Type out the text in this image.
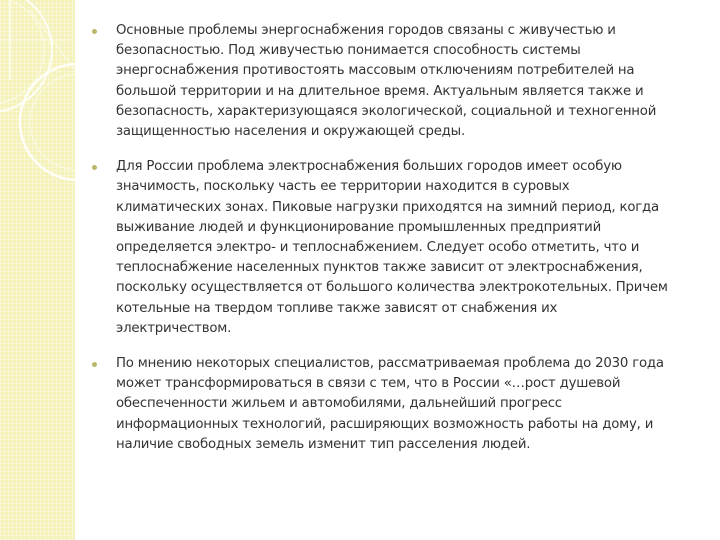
Основные проблемы энергоснабжения городов связаны с живучестью и безопасностью. Под живучестью понимается способность системы энергоснабжения противостоять массовым отключениям потребителей на большой территории и на длительное время. Актуальным является также и безопасность, характеризующаяся экологической, социальной и техногенной защищенностью населения и окружающей среды.

Для России проблема электроснабжения больших городов имеет особую значимость, поскольку часть ее территории находится в суровых климатических зонах. Пиковые нагрузки приходятся на зимний период, когда выживание людей и функционирование промышленных предприятий определяется электро- и теплоснабжением. Следует особо отметить, что и теплоснабжение населенных пунктов также зависит от электроснабжения, поскольку осуществляется от большого количества электрокотельных. Причем котельные на твердом топливе также зависят от снабжения их электричеством.

По мнению некоторых специалистов, рассматриваемая проблема до 2030 года может трансформироваться в связи с тем, что в России «…рост душевой обеспеченности жильем и автомобилями, дальнейший прогресс информационных технологий, расширяющих возможность работы на дому, и наличие свободных земель изменит тип расселения людей.
